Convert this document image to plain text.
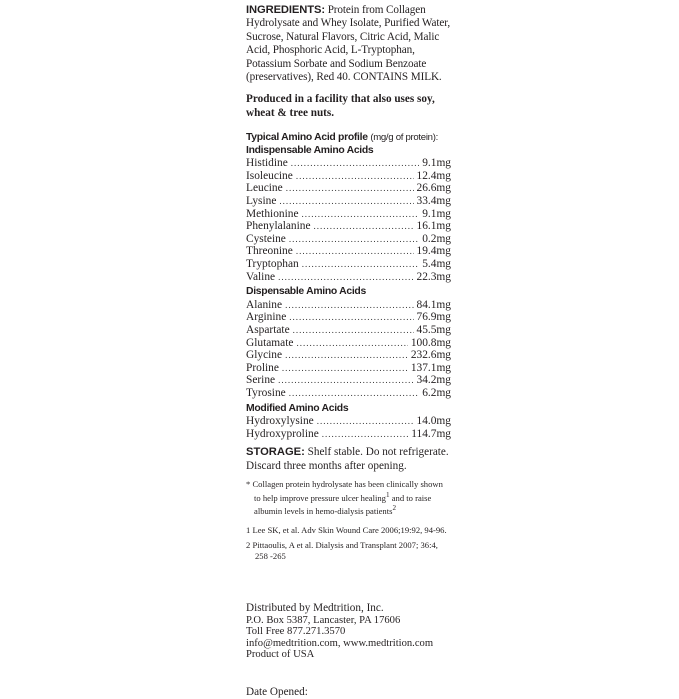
INGREDIENTS: Protein from Collagen Hydrolysate and Whey Isolate, Purified Water, Sucrose, Natural Flavors, Citric Acid, Malic Acid, Phosphoric Acid, L-Tryptophan, Potassium Sorbate and Sodium Benzoate (preservatives), Red 40. CONTAINS MILK.
Produced in a facility that also uses soy, wheat & tree nuts.
Typical Amino Acid profile (mg/g of protein):
Indispensable Amino Acids
Histidine .....	9.1mg
Isoleucine .....	12.4mg
Leucine .....	26.6mg
Lysine .....	33.4mg
Methionine .....	9.1mg
Phenylalanine .....	16.1mg
Cysteine .....	0.2mg
Threonine .....	19.4mg
Tryptophan .....	5.4mg
Valine .....	22.3mg
Dispensable Amino Acids
Alanine .....	84.1mg
Arginine .....	76.9mg
Aspartate .....	45.5mg
Glutamate .....	100.8mg
Glycine .....	232.6mg
Proline .....	137.1mg
Serine .....	34.2mg
Tyrosine .....	6.2mg
Modified Amino Acids
Hydroxylysine .....	14.0mg
Hydroxyproline .....	114.7mg
STORAGE: Shelf stable. Do not refrigerate. Discard three months after opening.
* Collagen protein hydrolysate has been clinically shown to help improve pressure ulcer healing$^1$ and to raise albumin levels in hemo-dialysis patients$^2$
1 Lee SK, et al. Adv Skin Wound Care 2006;19:92, 94-96.
2 Pittaoulis, A et al. Dialysis and Transplant 2007; 36:4, 258 -265
Distributed by Medtrition, Inc.
P.O. Box 5387, Lancaster, PA 17606
Toll Free 877.271.3570
info@medtrition.com, www.medtrition.com
Product of USA
Date Opened:
